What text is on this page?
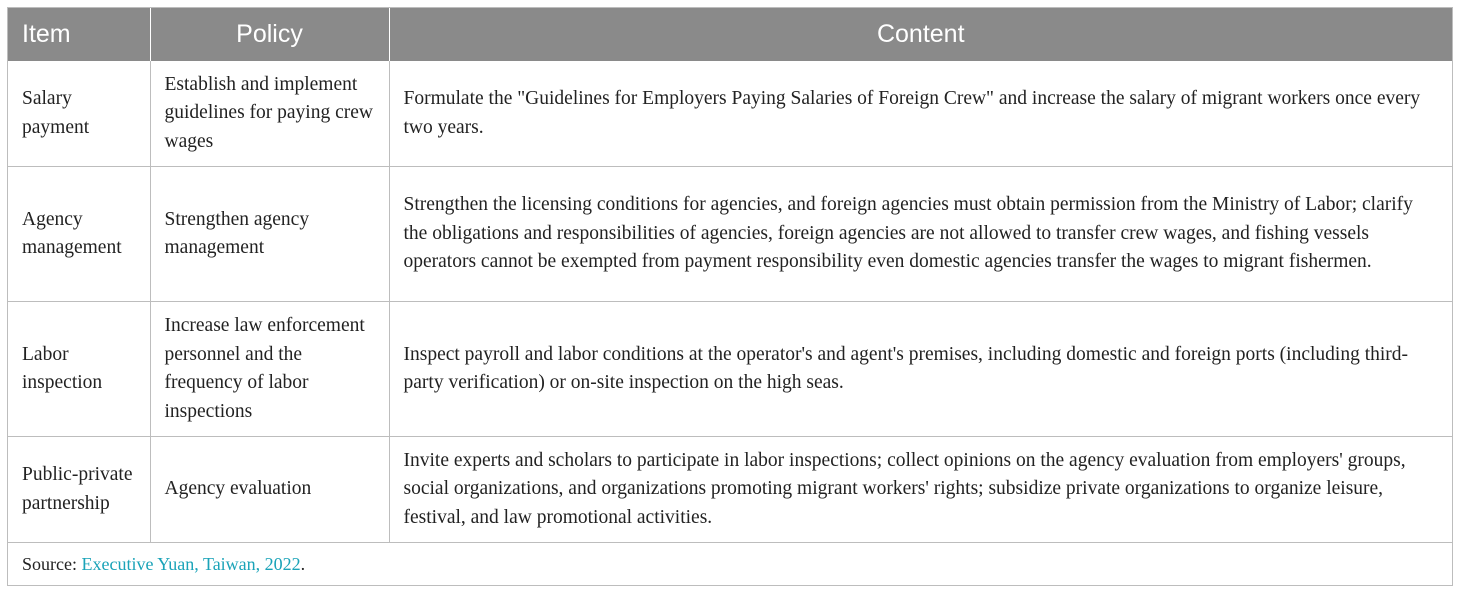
Item	Policy	Content
Salary payment	Establish and implement guidelines for paying crew wages	Formulate the "Guidelines for Employers Paying Salaries of Foreign Crew" and increase the salary of migrant workers once every two years.
Agency management	Strengthen agency management	Strengthen the licensing conditions for agencies, and foreign agencies must obtain permission from the Ministry of Labor; clarify the obligations and responsibilities of agencies, foreign agencies are not allowed to transfer crew wages, and fishing vessels operators cannot be exempted from payment responsibility even domestic agencies transfer the wages to migrant fishermen.
Labor inspection	Increase law enforcement personnel and the frequency of labor inspections	Inspect payroll and labor conditions at the operator's and agent's premises, including domestic and foreign ports (including third-party verification) or on-site inspection on the high seas.
Public-private partnership	Agency evaluation	Invite experts and scholars to participate in labor inspections; collect opinions on the agency evaluation from employers' groups, social organizations, and organizations promoting migrant workers' rights; subsidize private organizations to organize leisure, festival, and law promotional activities.
Source:
Executive Yuan, Taiwan, 2022 .
